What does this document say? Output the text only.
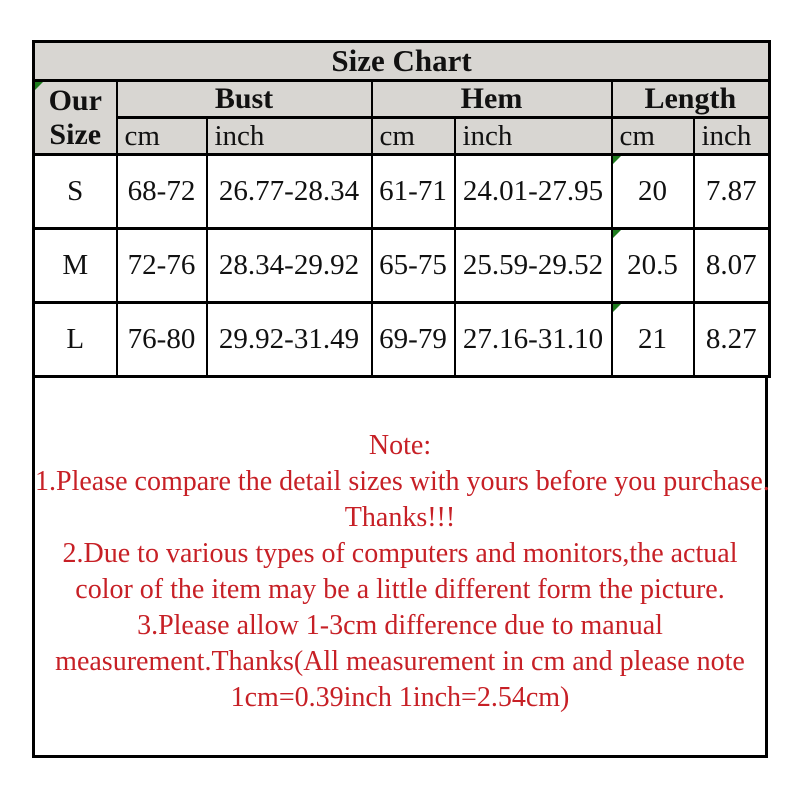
Size Chart						
Our Size	Bust		Hem		Length	
	cm	inch	cm	inch	cm	inch
S	68-72	26.77-28.34	61-71	24.01-27.95	20	7.87
M	72-76	28.34-29.92	65-75	25.59-29.52	20.5	8.07
L	76-80	29.92-31.49	69-79	27.16-31.10	21	8.27
Note:
1.Please compare the detail sizes with yours before you purchase.
Thanks!!!
2.Due to various types of computers and monitors,the actual
color of the item may be a little different form the picture.
3.Please allow 1-3cm difference due to manual
measurement.Thanks(All measurement in cm and please note
1cm=0.39inch 1inch=2.54cm)
